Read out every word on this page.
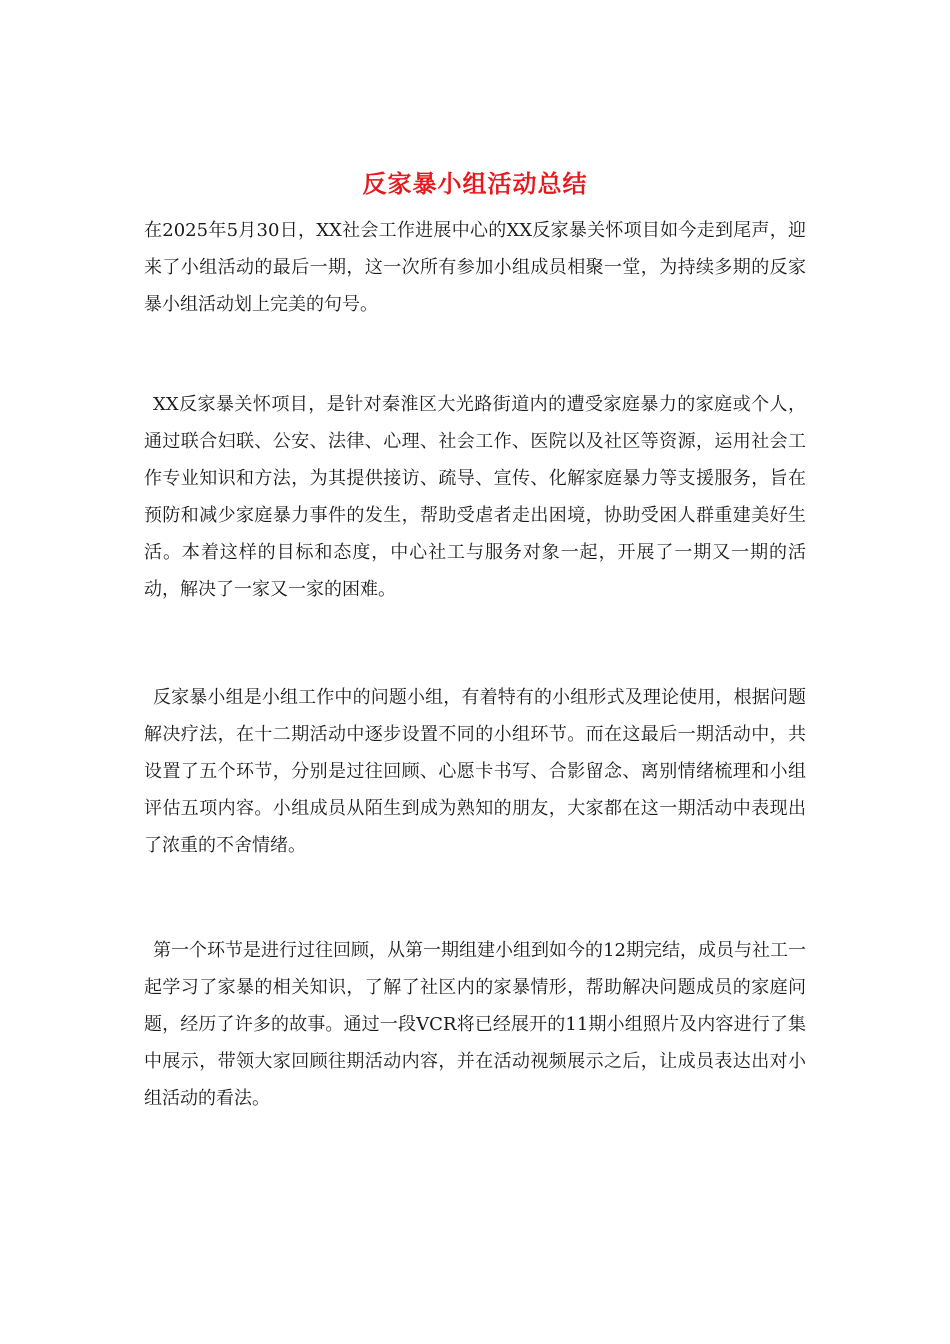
反家暴小组活动总结

在2025年5月30日，XX社会工作进展中心的XX反家暴关怀项目如今走到尾声，迎来了小组活动的最后一期，这一次所有参加小组成员相聚一堂，为持续多期的反家暴小组活动划上完美的句号。

XX反家暴关怀项目，是针对秦淮区大光路街道内的遭受家庭暴力的家庭或个人，通过联合妇联、公安、法律、心理、社会工作、医院以及社区等资源，运用社会工作专业知识和方法，为其提供接访、疏导、宣传、化解家庭暴力等支援服务，旨在预防和减少家庭暴力事件的发生，帮助受虐者走出困境，协助受困人群重建美好生活。本着这样的目标和态度，中心社工与服务对象一起，开展了一期又一期的活动，解决了一家又一家的困难。

反家暴小组是小组工作中的问题小组，有着特有的小组形式及理论使用，根据问题解决疗法，在十二期活动中逐步设置不同的小组环节。而在这最后一期活动中，共设置了五个环节，分别是过往回顾、心愿卡书写、合影留念、离别情绪梳理和小组评估五项内容。小组成员从陌生到成为熟知的朋友，大家都在这一期活动中表现出了浓重的不舍情绪。

第一个环节是进行过往回顾，从第一期组建小组到如今的12期完结，成员与社工一起学习了家暴的相关知识，了解了社区内的家暴情形，帮助解决问题成员的家庭问题，经历了许多的故事。通过一段VCR将已经展开的11期小组照片及内容进行了集中展示，带领大家回顾往期活动内容，并在活动视频展示之后，让成员表达出对小组活动的看法。
